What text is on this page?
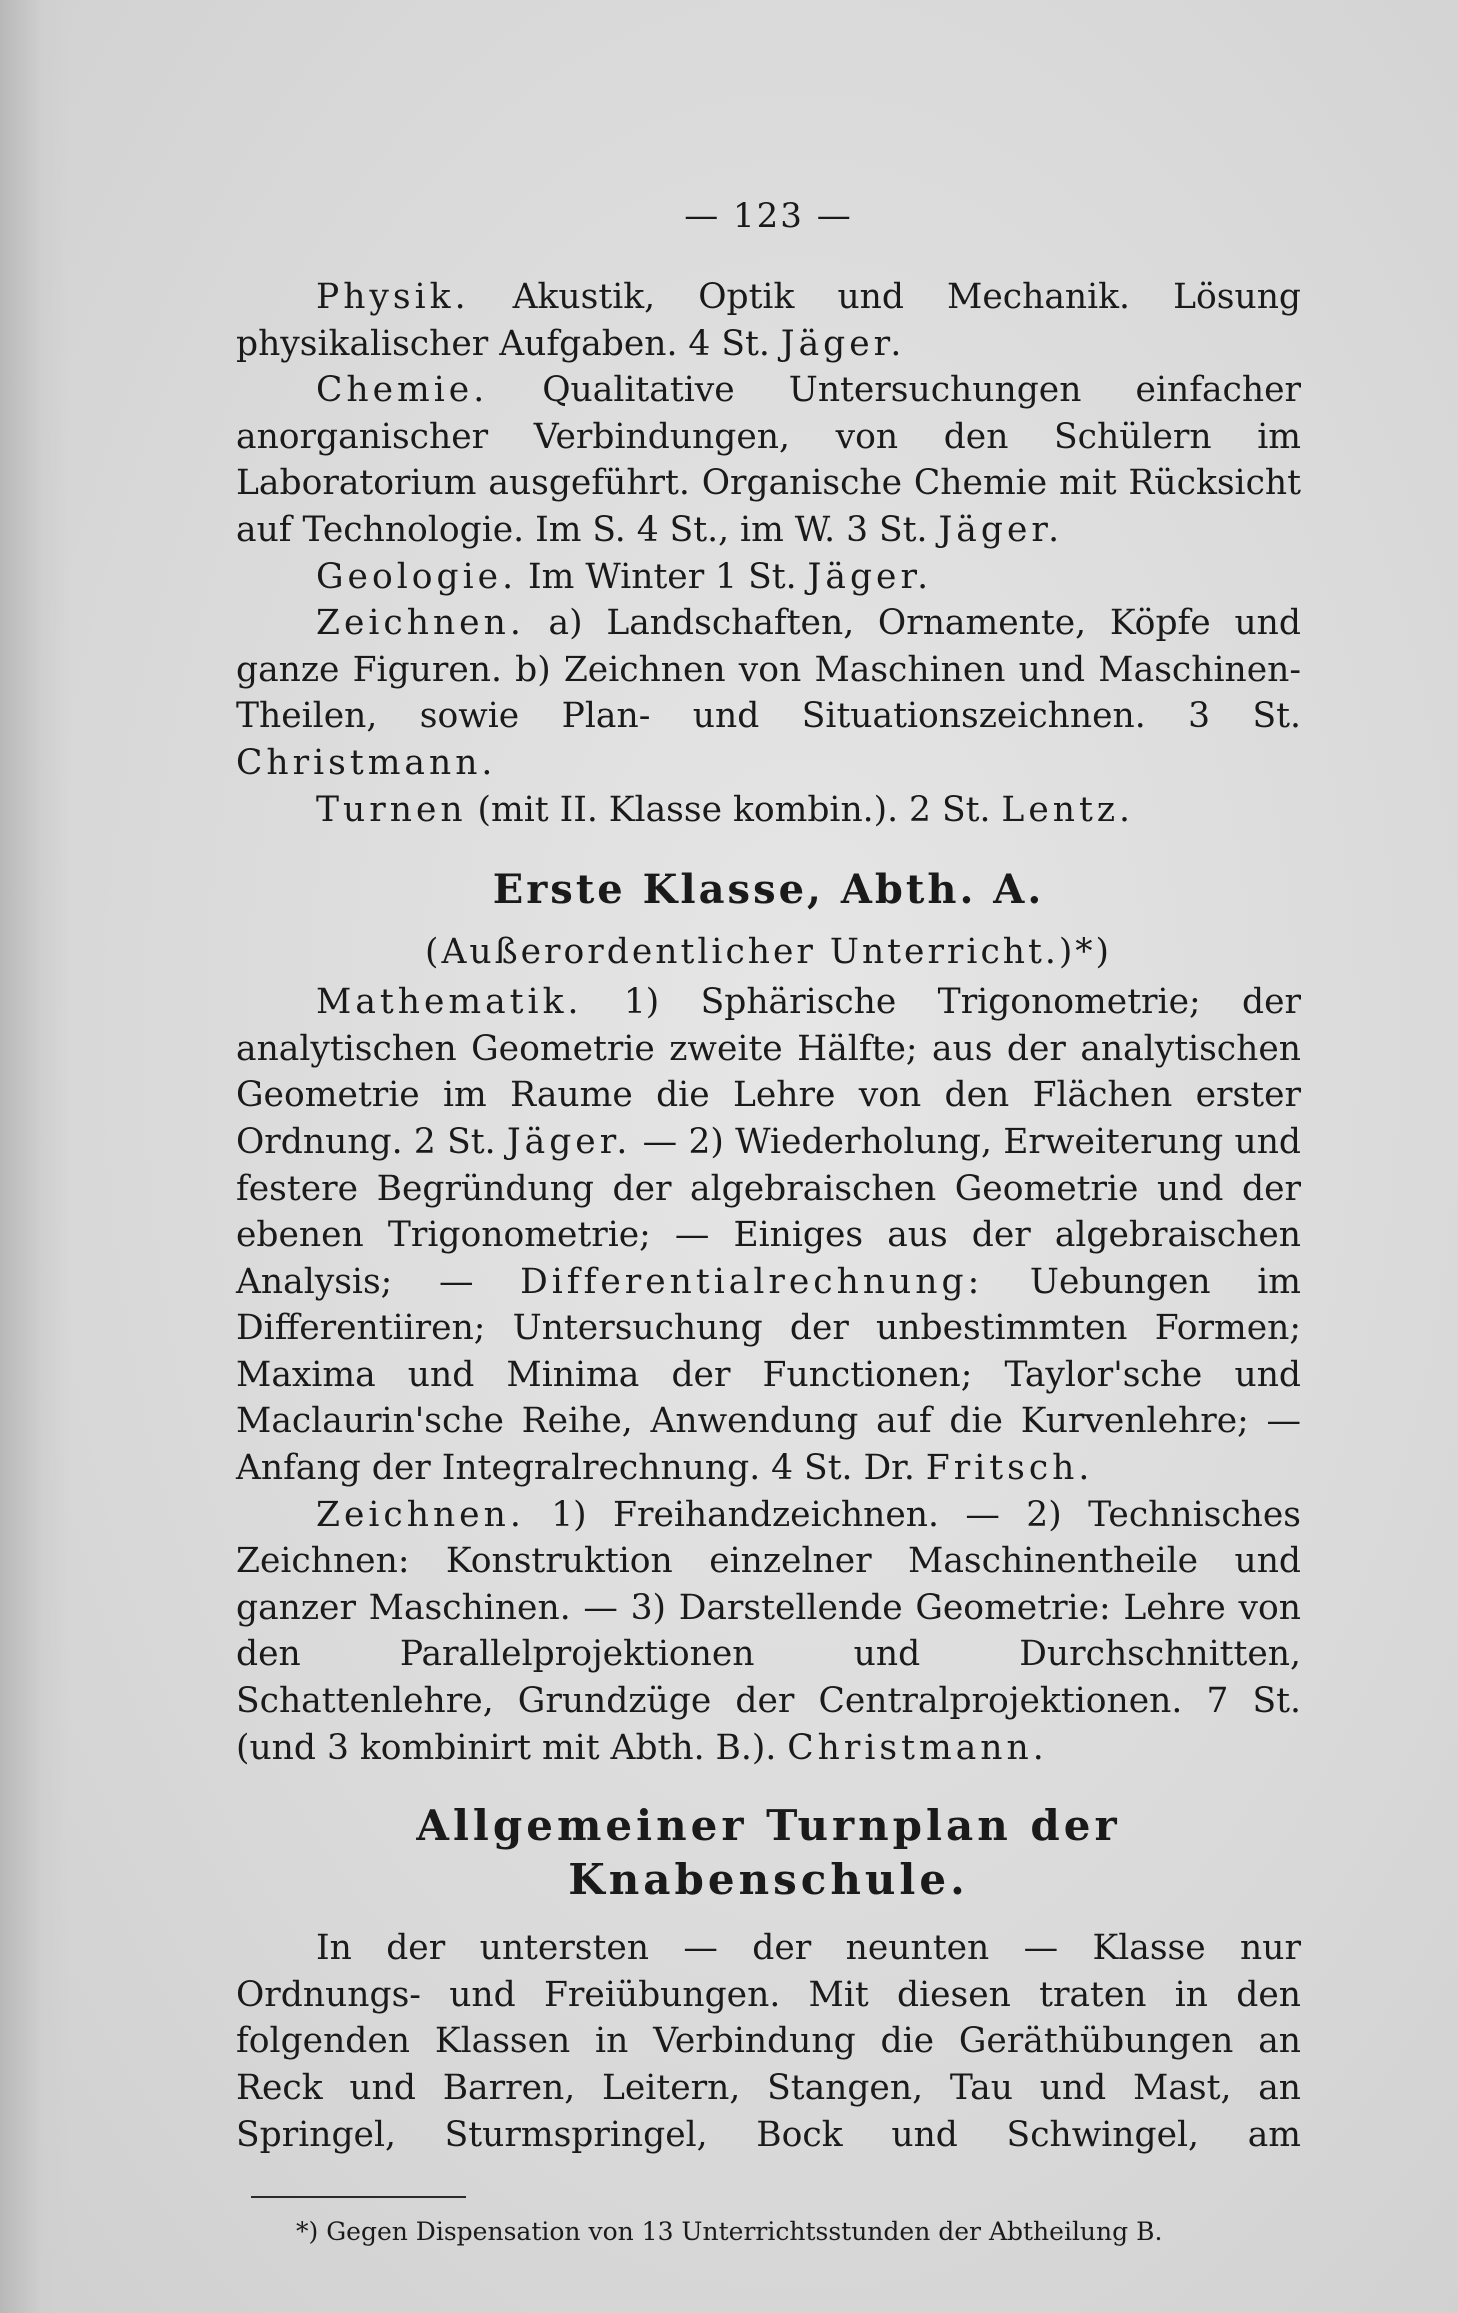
— 123 —

Physik. Akustik, Optik und Mechanik. Lösung physikalischer Aufgaben. 4 St. Jäger.

Chemie. Qualitative Untersuchungen einfacher anorganischer Verbindungen, von den Schülern im Laboratorium ausgeführt. Organische Chemie mit Rücksicht auf Technologie. Im S. 4 St., im W. 3 St. Jäger.

Geologie. Im Winter 1 St. Jäger.

Zeichnen. a) Landschaften, Ornamente, Köpfe und ganze Figuren. b) Zeichnen von Maschinen und Maschinen-Theilen, sowie Plan- und Situationszeichnen. 3 St. Christmann.

Turnen (mit II. Klasse kombin.). 2 St. Lentz.

Erste Klasse, Abth. A.
(Außerordentlicher Unterricht.)*)

Mathematik. 1) Sphärische Trigonometrie; der analytischen Geometrie zweite Hälfte; aus der analytischen Geometrie im Raume die Lehre von den Flächen erster Ordnung. 2 St. Jäger. — 2) Wiederholung, Erweiterung und festere Begründung der algebraischen Geometrie und der ebenen Trigonometrie; — Einiges aus der algebraischen Analysis; — Differentialrechnung: Uebungen im Differentiiren; Untersuchung der unbestimmten Formen; Maxima und Minima der Functionen; Taylor'sche und Maclaurin'sche Reihe, Anwendung auf die Kurvenlehre; — Anfang der Integralrechnung. 4 St. Dr. Fritsch.

Zeichnen. 1) Freihandzeichnen. — 2) Technisches Zeichnen: Konstruktion einzelner Maschinentheile und ganzer Maschinen. — 3) Darstellende Geometrie: Lehre von den Parallelprojektionen und Durchschnitten, Schattenlehre, Grundzüge der Centralprojektionen. 7 St. (und 3 kombinirt mit Abth. B.). Christmann.

Allgemeiner Turnplan der Knabenschule.

In der untersten — der neunten — Klasse nur Ordnungs- und Freiübungen. Mit diesen traten in den folgenden Klassen in Verbindung die Geräthübungen an Reck und Barren, Leitern, Stangen, Tau und Mast, an Springel, Sturmspringel, Bock und Schwingel, am

*) Gegen Dispensation von 13 Unterrichtsstunden der Abtheilung B.
